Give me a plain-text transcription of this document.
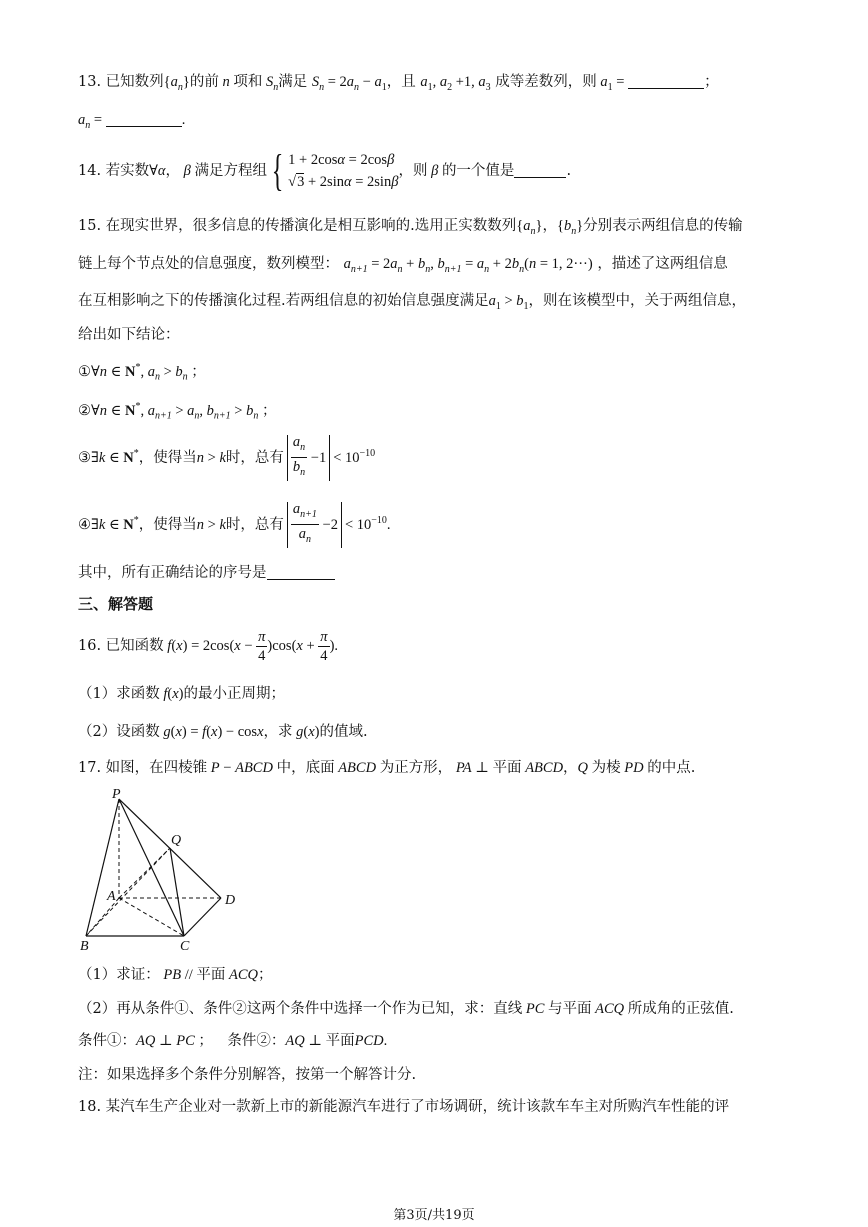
13. 已知数列$\{a_n\}$的前 n 项和 $S_n$满足 $S_n = 2a_n - a_1$，且 $a_1$, $a_2 +1$, $a_3$ 成等差数列，则 $a_1$ =	；
$a_n$ =	.
14. 若实数∀α， β 满足方程组 { 1 + 2cosα = 2cosβ
√3 + 2sinα = 2sinβ，则 β 的一个值是	.
15. 在现实世界，很多信息的传播演化是相互影响的.选用正实数数列$\{a_n\}$，$\{b_n\}$分别表示两组信息的传输
链上每个节点处的信息强度，数列模型： $a_{n+1} = 2a_n + b_n$, $b_{n+1} = a_n + 2b_n(n = 1$, 2···) ，描述了这两组信息
在互相影响之下的传播演化过程.若两组信息的初始信息强度满足$a_1 > b_1$，则在该模型中，关于两组信息，
给出如下结论：
①∀n ∈ N*, $a_n > b_n$ ；
②∀n ∈ N*, $a_{n+1} > a_n$, $b_{n+1} > b_n$ ；
③∃k ∈ N*，使得当n > k时，总有 $\frac{a_n}{b_n} -1 < 10^{-10}$
④∃k ∈ N*，使得当n > k时，总有 $\frac{a_{n+1}}{a_n} -2 < 10^{-10}$.
其中，所有正确结论的序号是
三、解答题
16. 已知函数 $f(x) = 2\cos(x - \frac{\pi}{4} )\cos(x + \frac{\pi}{4}$ ).
（1）求函数 f(x)的最小正周期；
（2）设函数 g(x) = f(x) − cosx，求 g(x)的值域.
17. 如图，在四棱锥 P − ABCD 中，底面 ABCD 为正方形， PA ⊥ 平面 ABCD，Q 为棱 PD 的中点.
P
Q
A	D
B	C
（1）求证： PB // 平面 ACQ；
（2）再从条件①、条件②这两个条件中选择一个作为已知，求：直线 PC 与平面 ACQ 所成角的正弦值.
条件①：AQ ⊥ PC ；    条件②：AQ ⊥ 平面PCD.
注：如果选择多个条件分别解答，按第一个解答计分.
18. 某汽车生产企业对一款新上市的新能源汽车进行了市场调研，统计该款车车主对所购汽车性能的评
第3页/共19页
